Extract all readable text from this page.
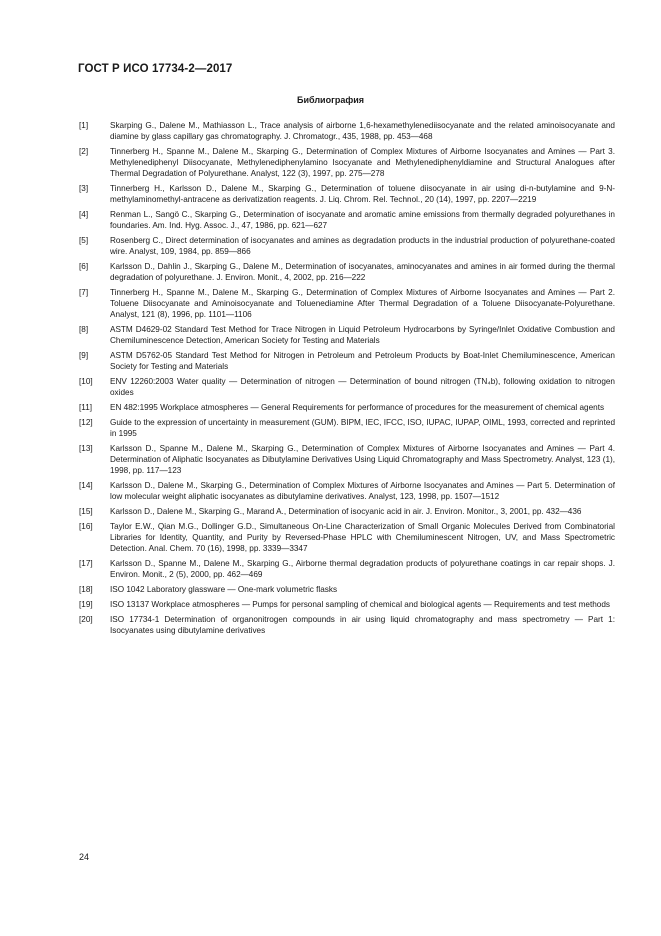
ГОСТ Р ИСО 17734-2—2017
Библиография
[1]	Skarping G., Dalene M., Mathiasson L., Trace analysis of airborne 1,6-hexamethylenediisocyanate and the related aminoisocyanate and diamine by glass capillary gas chromatography. J. Chromatogr., 435, 1988, pp. 453—468
[2]	Tinnerberg H., Spanne M., Dalene M., Skarping G., Determination of Complex Mixtures of Airborne Isocyanates and Amines — Part 3. Methylenediphenyl Diisocyanate, Methylenediphenylamino Isocyanate and Methylenediphenyldiamine and Structural Analogues after Thermal Degradation of Polyurethane. Analyst, 122 (3), 1997, pp. 275—278
[3]	Tinnerberg H., Karlsson D., Dalene M., Skarping G., Determination of toluene diisocyanate in air using di-n-butylamine and 9-N-methylaminomethyl-antracene as derivatization reagents. J. Liq. Chrom. Rel. Technol., 20 (14), 1997, pp. 2207—2219
[4]	Renman L., Sangö C., Skarping G., Determination of isocyanate and aromatic amine emissions from thermally degraded polyurethanes in foundaries. Am. Ind. Hyg. Assoc. J., 47, 1986, pp. 621—627
[5]	Rosenberg C., Direct determination of isocyanates and amines as degradation products in the industrial production of polyurethane-coated wire. Analyst, 109, 1984, pp. 859—866
[6]	Karlsson D., Dahlin J., Skarping G., Dalene M., Determination of isocyanates, aminocyanates and amines in air formed during the thermal degradation of polyurethane. J. Environ. Monit., 4, 2002, pp. 216—222
[7]	Tinnerberg H., Spanne M., Dalene M., Skarping G., Determination of Complex Mixtures of Airborne Isocyanates and Amines — Part 2. Toluene Diisocyanate and Aminoisocyanate and Toluenediamine After Thermal Degradation of a Toluene Diisocyanate-Polyurethane. Analyst, 121 (8), 1996, pp. 1101—1106
[8]	ASTM D4629-02 Standard Test Method for Trace Nitrogen in Liquid Petroleum Hydrocarbons by Syringe/Inlet Oxidative Combustion and Chemiluminescence Detection, American Society for Testing and Materials
[9]	ASTM D5762-05 Standard Test Method for Nitrogen in Petroleum and Petroleum Products by Boat-Inlet Chemiluminescence, American Society for Testing and Materials
[10]	ENV 12260:2003 Water quality — Determination of nitrogen — Determination of bound nitrogen (TN₄b), following oxidation to nitrogen oxides
[11]	EN 482:1995 Workplace atmospheres — General Requirements for performance of procedures for the measurement of chemical agents
[12]	Guide to the expression of uncertainty in measurement (GUM). BIPM, IEC, IFCC, ISO, IUPAC, IUPAP, OIML, 1993, corrected and reprinted in 1995
[13]	Karlsson D., Spanne M., Dalene M., Skarping G., Determination of Complex Mixtures of Airborne Isocyanates and Amines — Part 4. Determination of Aliphatic Isocyanates as Dibutylamine Derivatives Using Liquid Chromatography and Mass Spectrometry. Analyst, 123 (1), 1998, pp. 117—123
[14]	Karlsson D., Dalene M., Skarping G., Determination of Complex Mixtures of Airborne Isocyanates and Amines — Part 5. Determination of low molecular weight aliphatic isocyanates as dibutylamine derivatives. Analyst, 123, 1998, pp. 1507—1512
[15]	Karlsson D., Dalene M., Skarping G., Marand A., Determination of isocyanic acid in air. J. Environ. Monitor., 3, 2001, pp. 432—436
[16]	Taylor E.W., Qian M.G., Dollinger G.D., Simultaneous On-Line Characterization of Small Organic Molecules Derived from Combinatorial Libraries for Identity, Quantity, and Purity by Reversed-Phase HPLC with Chemiluminescent Nitrogen, UV, and Mass Spectrometric Detection. Anal. Chem. 70 (16), 1998, pp. 3339—3347
[17]	Karlsson D., Spanne M., Dalene M., Skarping G., Airborne thermal degradation products of polyurethane coatings in car repair shops. J. Environ. Monit., 2 (5), 2000, pp. 462—469
[18]	ISO 1042 Laboratory glassware — One-mark volumetric flasks
[19]	ISO 13137 Workplace atmospheres — Pumps for personal sampling of chemical and biological agents — Requirements and test methods
[20]	ISO 17734-1 Determination of organonitrogen compounds in air using liquid chromatography and mass spectrometry — Part 1: Isocyanates using dibutylamine derivatives
24
